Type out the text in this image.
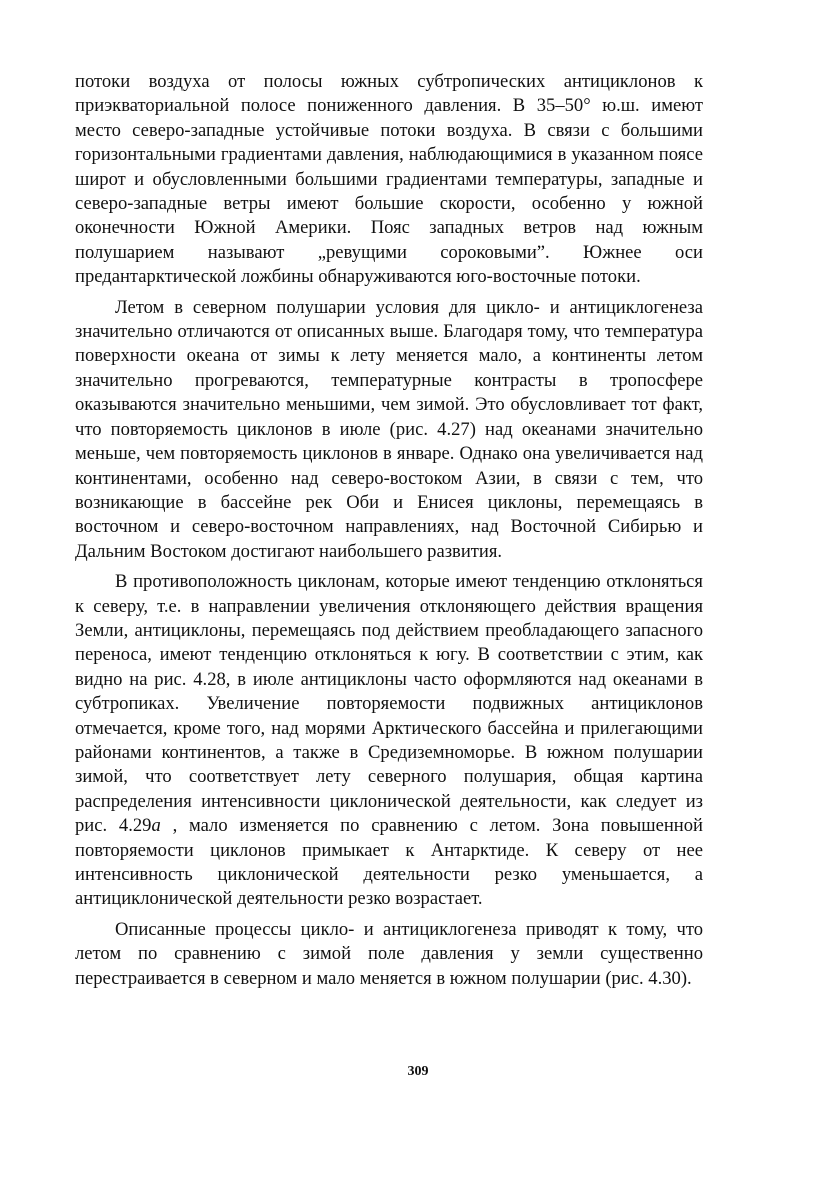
потоки воздуха от полосы южных субтропических антициклонов к приэкваториальной полосе пониженного давления. В 35–50° ю.ш. имеют место северо-западные устойчивые потоки воздуха. В связи с большими горизонтальными градиентами давления, наблюдающимися в указанном поясе широт и обусловленными большими градиентами температуры, западные и северо-западные ветры имеют большие скорости, особенно у южной оконечности Южной Америки. Пояс западных ветров над южным полушарием называют „ревущими сороковыми”. Южнее оси предантарктической ложбины обнаруживаются юго-восточные потоки.

Летом в северном полушарии условия для цикло- и антициклогенеза значительно отличаются от описанных выше. Благодаря тому, что температура поверхности океана от зимы к лету меняется мало, а континенты летом значительно прогреваются, температурные контрасты в тропосфере оказываются значительно меньшими, чем зимой. Это обусловливает тот факт, что повторяемость циклонов в июле (рис. 4.27) над океанами значительно меньше, чем повторяемость циклонов в январе. Однако она увеличивается над континентами, особенно над северо-востоком Азии, в связи с тем, что возникающие в бассейне рек Оби и Енисея циклоны, перемещаясь в восточном и северо-восточном направлениях, над Восточной Сибирью и Дальним Востоком достигают наибольшего развития.

В противоположность циклонам, которые имеют тенденцию отклоняться к северу, т.е. в направлении увеличения отклоняющего действия вращения Земли, антициклоны, перемещаясь под действием преобладающего запасного переноса, имеют тенденцию отклоняться к югу. В соответствии с этим, как видно на рис. 4.28, в июле антициклоны часто оформляются над океанами в субтропиках. Увеличение повторяемости подвижных антициклонов отмечается, кроме того, над морями Арктического бассейна и прилегающими районами континентов, а также в Средиземноморье. В южном полушарии зимой, что соответствует лету северного полушария, общая картина распределения интенсивности циклонической деятельности, как следует из рис. 4.29а , мало изменяется по сравнению с летом. Зона повышенной повторяемости циклонов примыкает к Антарктиде. К северу от нее интенсивность циклонической деятельности резко уменьшается, а антициклонической деятельности резко возрастает.

Описанные процессы цикло- и антициклогенеза приводят к тому, что летом по сравнению с зимой поле давления у земли существенно перестраивается в северном и мало меняется в южном полушарии (рис. 4.30).

309
